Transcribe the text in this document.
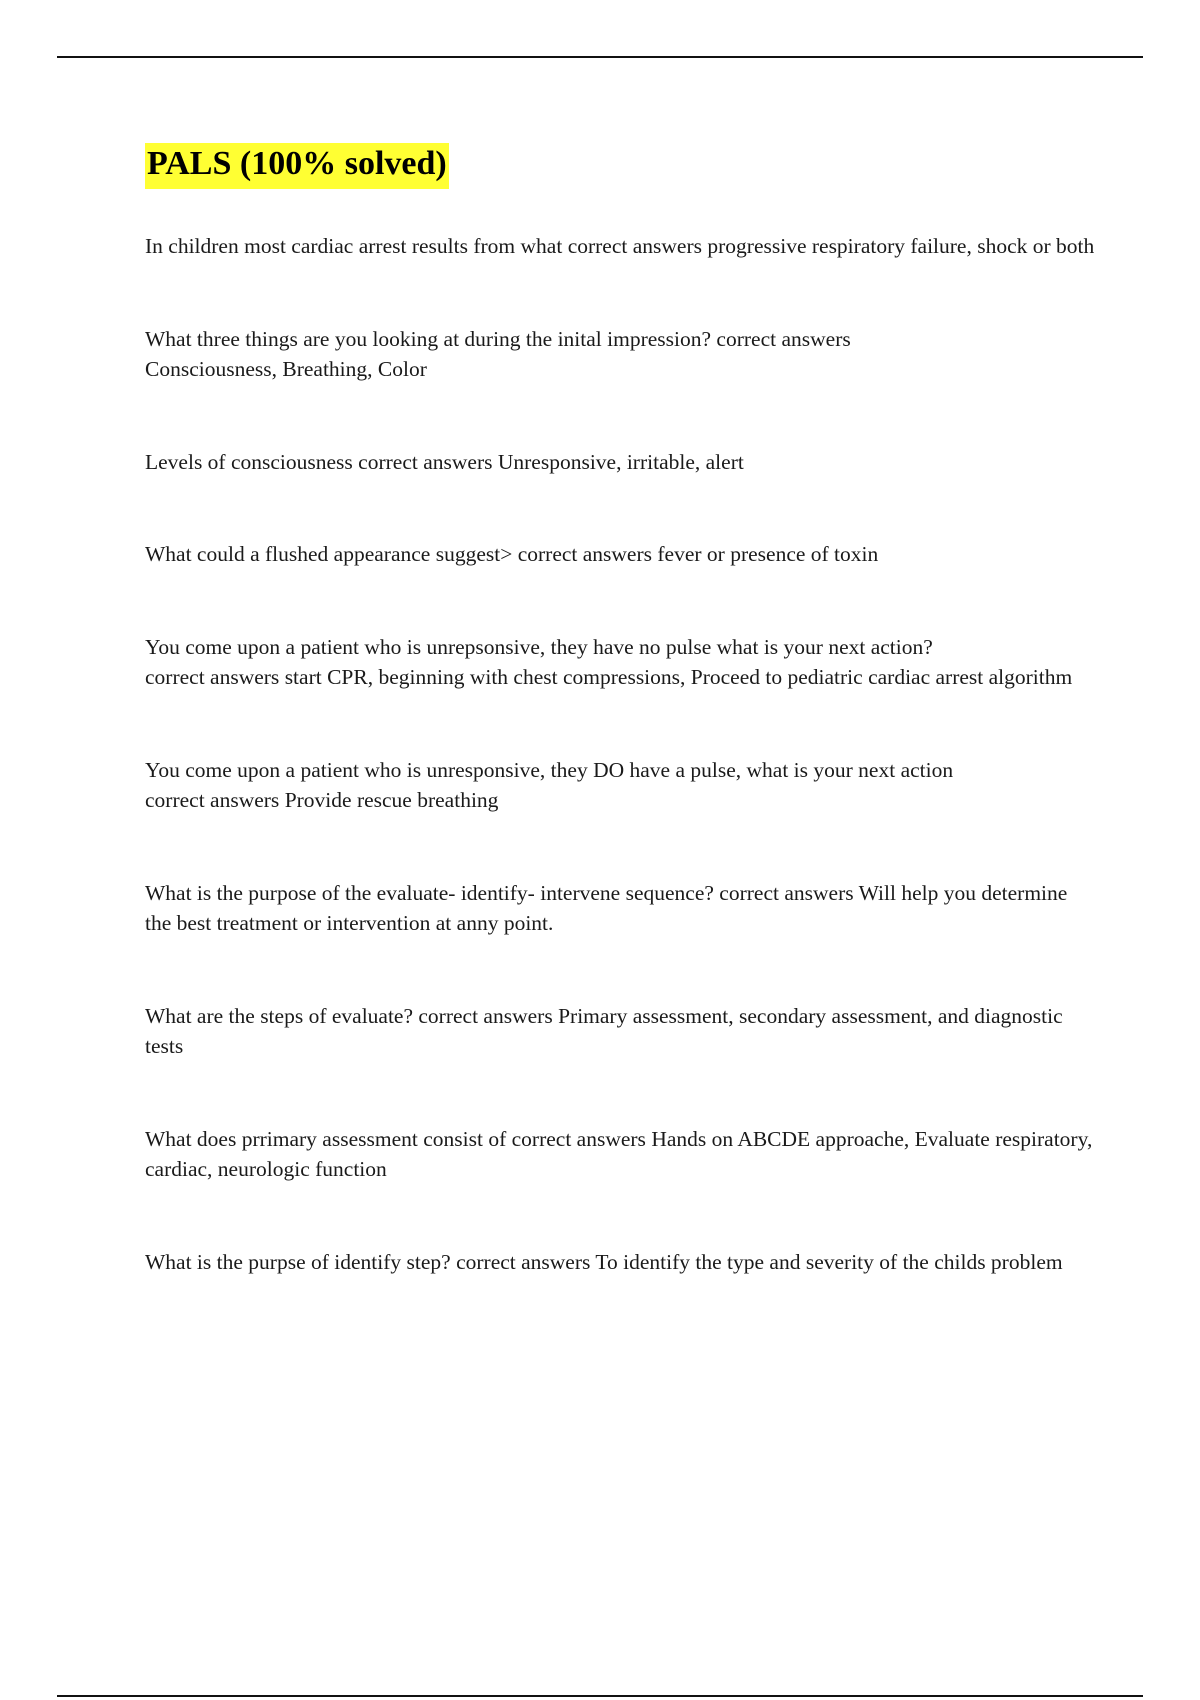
PALS (100% solved)

In children most cardiac arrest results from what correct answers progressive respiratory failure, shock or both

What three things are you looking at during the inital impression? correct answers
Consciousness, Breathing, Color

Levels of consciousness correct answers Unresponsive, irritable, alert

What could a flushed appearance suggest> correct answers fever or presence of toxin

You come upon a patient who is unrepsonsive, they have no pulse what is your next action?
correct answers start CPR, beginning with chest compressions, Proceed to pediatric cardiac arrest algorithm

You come upon a patient who is unresponsive, they DO have a pulse, what is your next action
correct answers Provide rescue breathing

What is the purpose of the evaluate- identify- intervene sequence? correct answers Will help you determine the best treatment or intervention at anny point.

What are the steps of evaluate? correct answers Primary assessment, secondary assessment, and diagnostic tests

What does prrimary assessment consist of correct answers Hands on ABCDE approache, Evaluate respiratory, cardiac, neurologic function

What is the purpse of identify step? correct answers To identify the type and severity of the childs problem
